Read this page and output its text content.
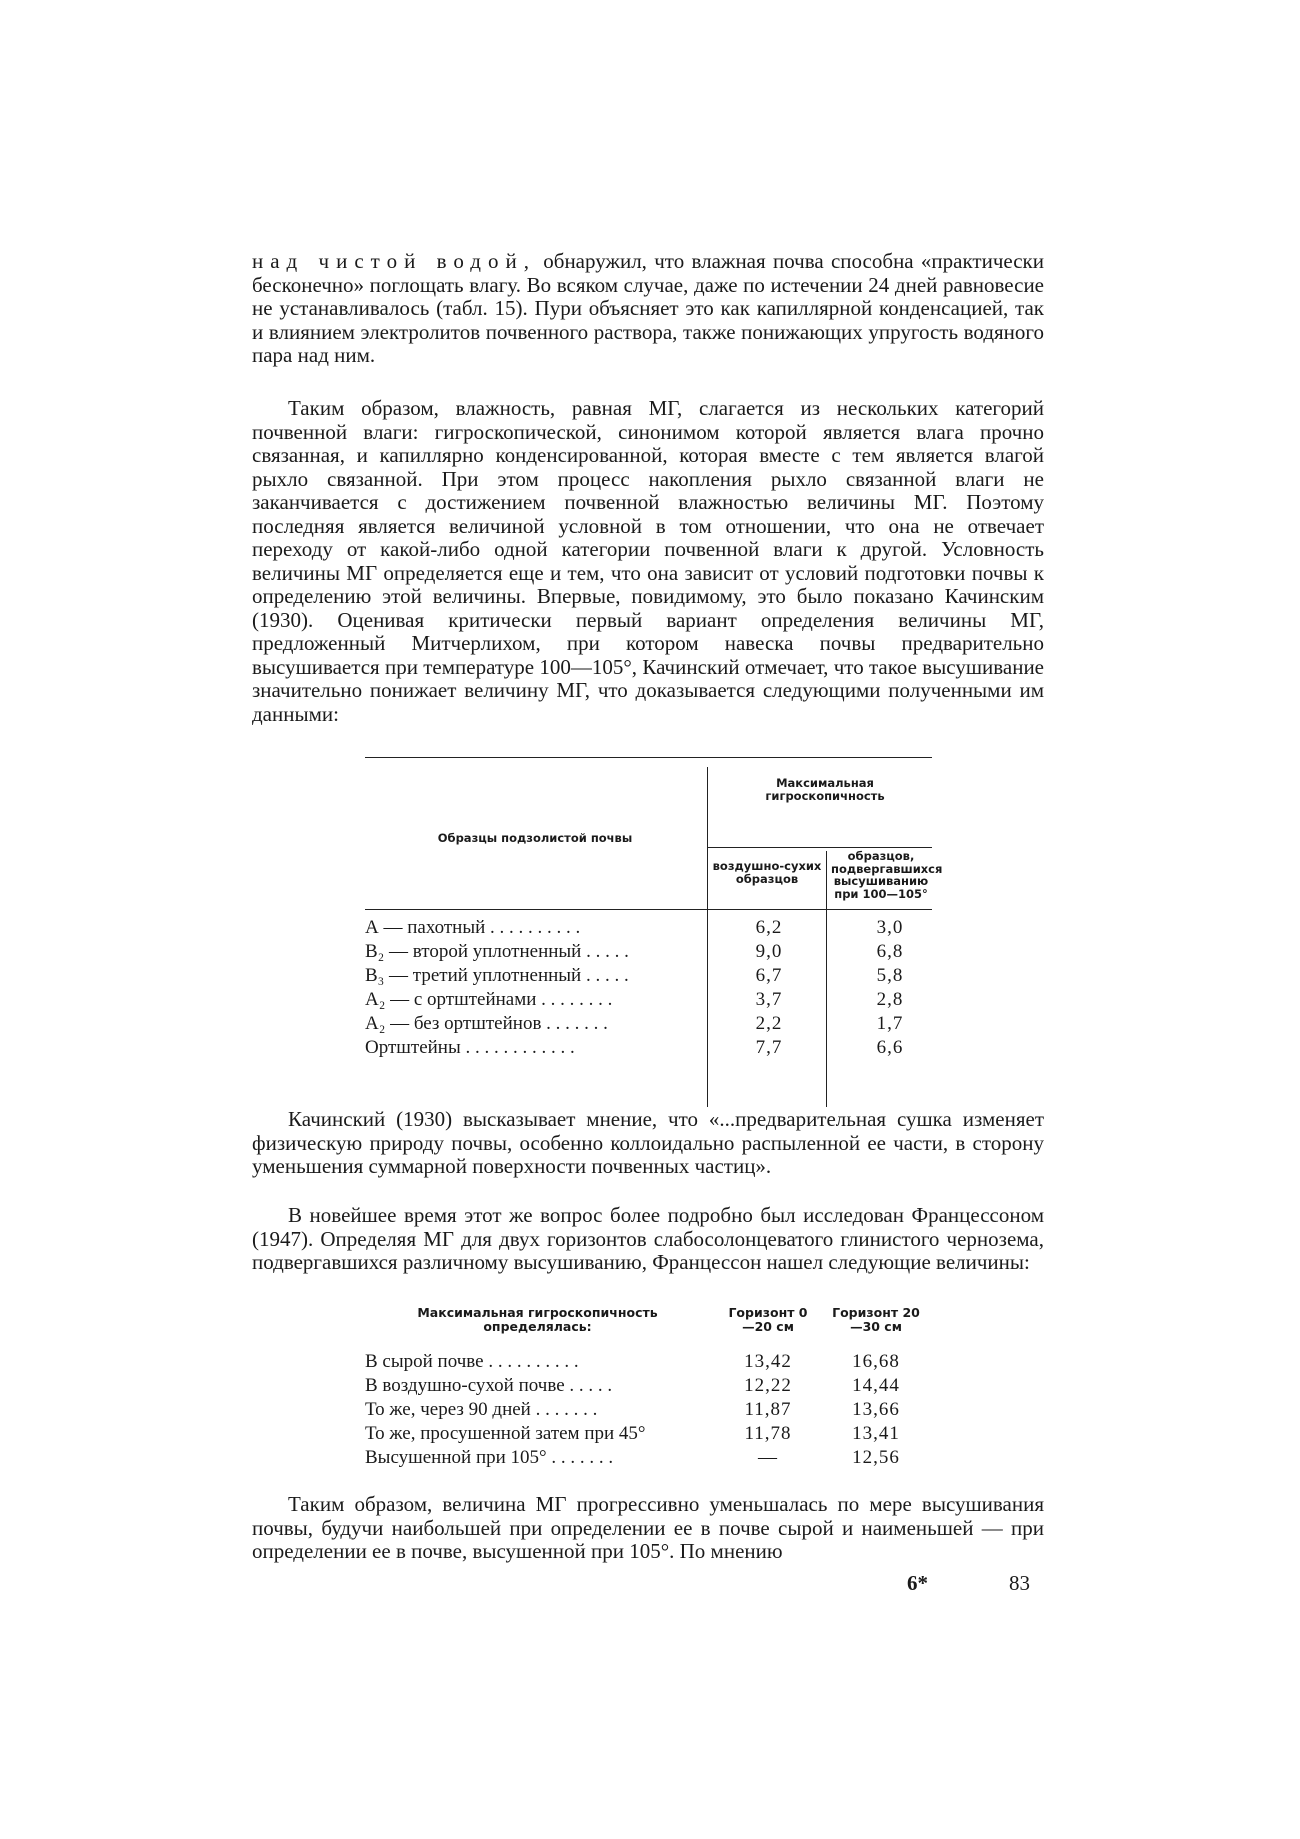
над чистой водой, обнаружил, что влажная почва способна «практически бесконечно» поглощать влагу. Во всяком случае, даже по истечении 24 дней равновесие не устанавливалось (табл. 15). Пури объясняет это как капиллярной конденсацией, так и влиянием электролитов почвенного раствора, также понижающих упругость водяного пара над ним.

Таким образом, влажность, равная МГ, слагается из нескольких категорий почвенной влаги: гигроскопической, синонимом которой является влага прочно связанная, и капиллярно конденсированной, которая вместе с тем является влагой рыхло связанной. При этом процесс накопления рыхло связанной влаги не заканчивается с достижением почвенной влажностью величины МГ. Поэтому последняя является величиной условной в том отношении, что она не отвечает переходу от какой-либо одной категории почвенной влаги к другой. Условность величины МГ определяется еще и тем, что она зависит от условий подготовки почвы к определению этой величины. Впервые, повидимому, это было показано Качинским (1930). Оценивая критически первый вариант определения величины МГ, предложенный Митчерлихом, при котором навеска почвы предварительно высушивается при температуре 100—105°, Качинский отмечает, что такое высушивание значительно понижает величину МГ, что доказывается следующими полученными им данными:

Образцы подзолистой почвы
Максимальная гигроскопичность
воздушно-сухих образцов
образцов, подвергавшихся высушиванию при 100—105°
А — пахотный . . . . . . . . . .	6,2	3,0
В₂ — второй уплотненный . . . . .	9,0	6,8
В₃ — третий уплотненный . . . . .	6,7	5,8
А₂ — с ортштейнами . . . . . . . .	3,7	2,8
А₂ — без ортштейнов . . . . . . .	2,2	1,7
Ортштейны . . . . . . . . . . . .	7,7	6,6

Качинский (1930) высказывает мнение, что «...предварительная сушка изменяет физическую природу почвы, особенно коллоидально распыленной ее части, в сторону уменьшения суммарной поверхности почвенных частиц».

В новейшее время этот же вопрос более подробно был исследован Францессоном (1947). Определяя МГ для двух горизонтов слабосолонцеватого глинистого чернозема, подвергавшихся различному высушиванию, Францессон нашел следующие величины:

Максимальная гигроскопичность определялась:
Горизонт 0—20 см
Горизонт 20—30 см
В сырой почве . . . . . . . . . .	13,42	16,68
В воздушно-сухой почве . . . . .	12,22	14,44
То же, через 90 дней . . . . . . .	11,87	13,66
То же, просушенной затем при 45°	11,78	13,41
Высушенной при 105° . . . . . . .	—	12,56

Таким образом, величина МГ прогрессивно уменьшалась по мере высушивания почвы, будучи наибольшей при определении ее в почве сырой и наименьшей — при определении ее в почве, высушенной при 105°. По мнению

6*	83
